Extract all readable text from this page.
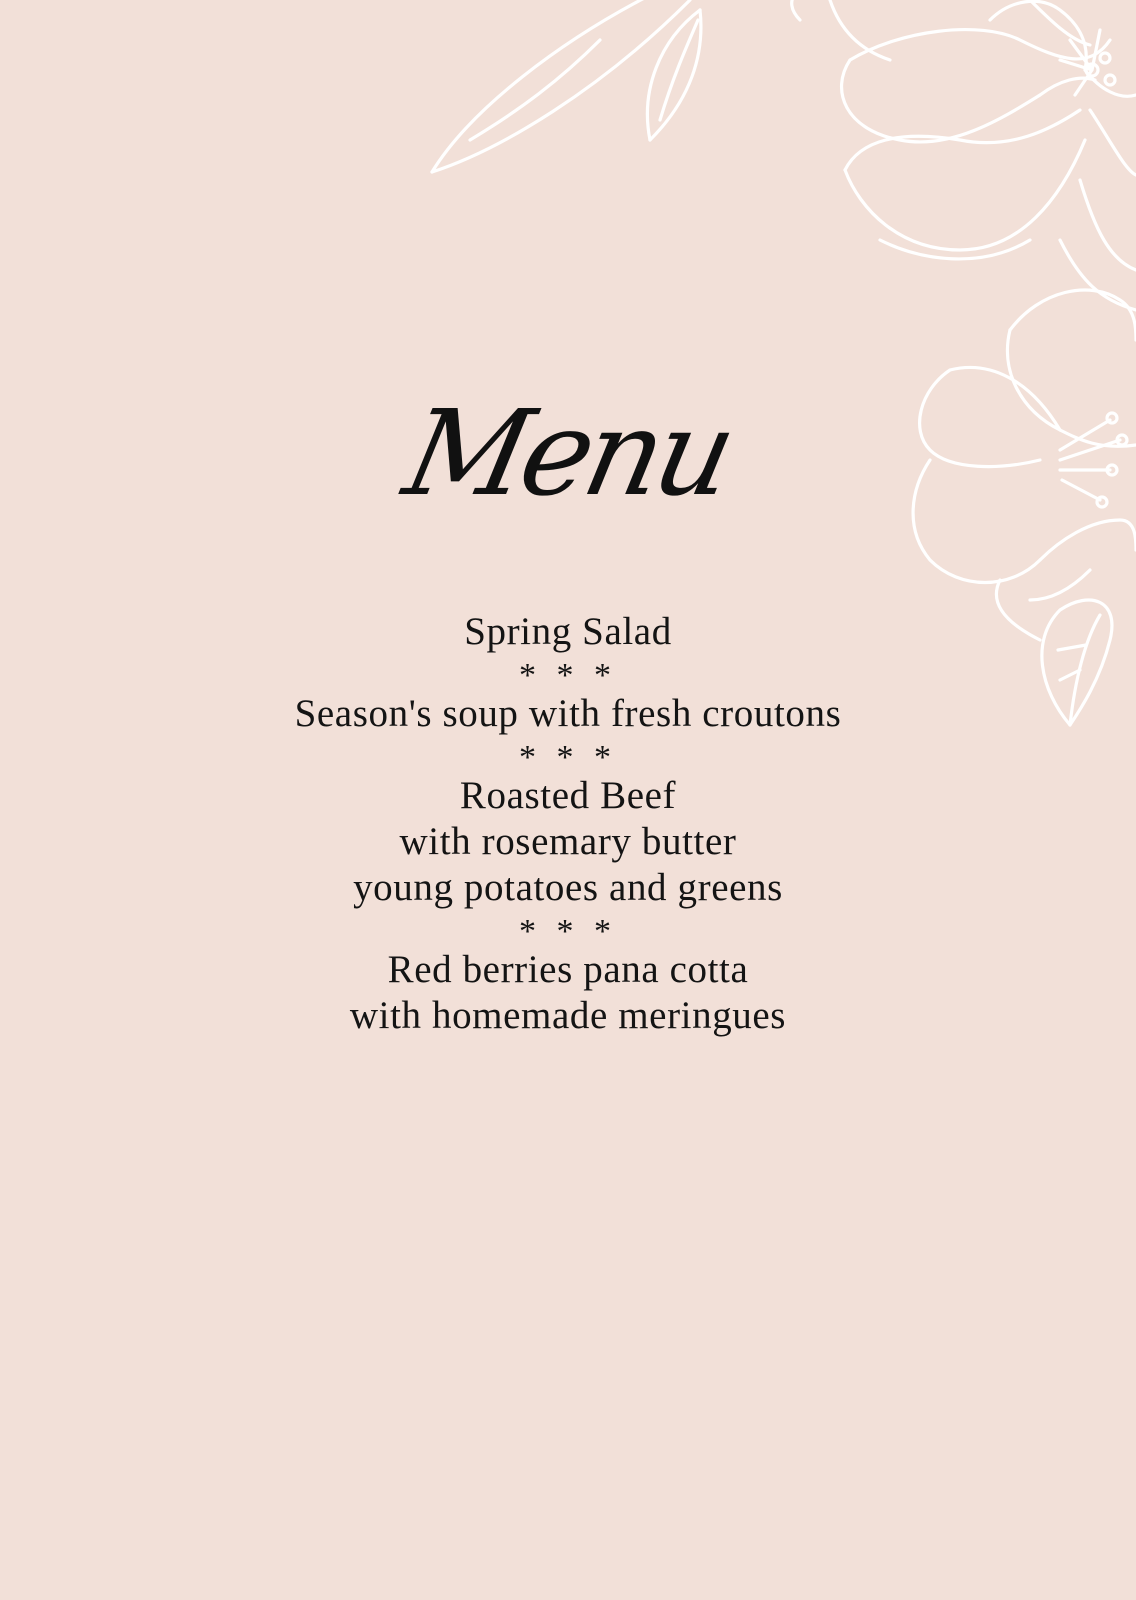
Menu
Spring Salad
* * *
Season's soup with fresh croutons
* * *
Roasted Beef
with rosemary butter
young potatoes and greens
* * *
Red berries pana cotta
with homemade meringues
